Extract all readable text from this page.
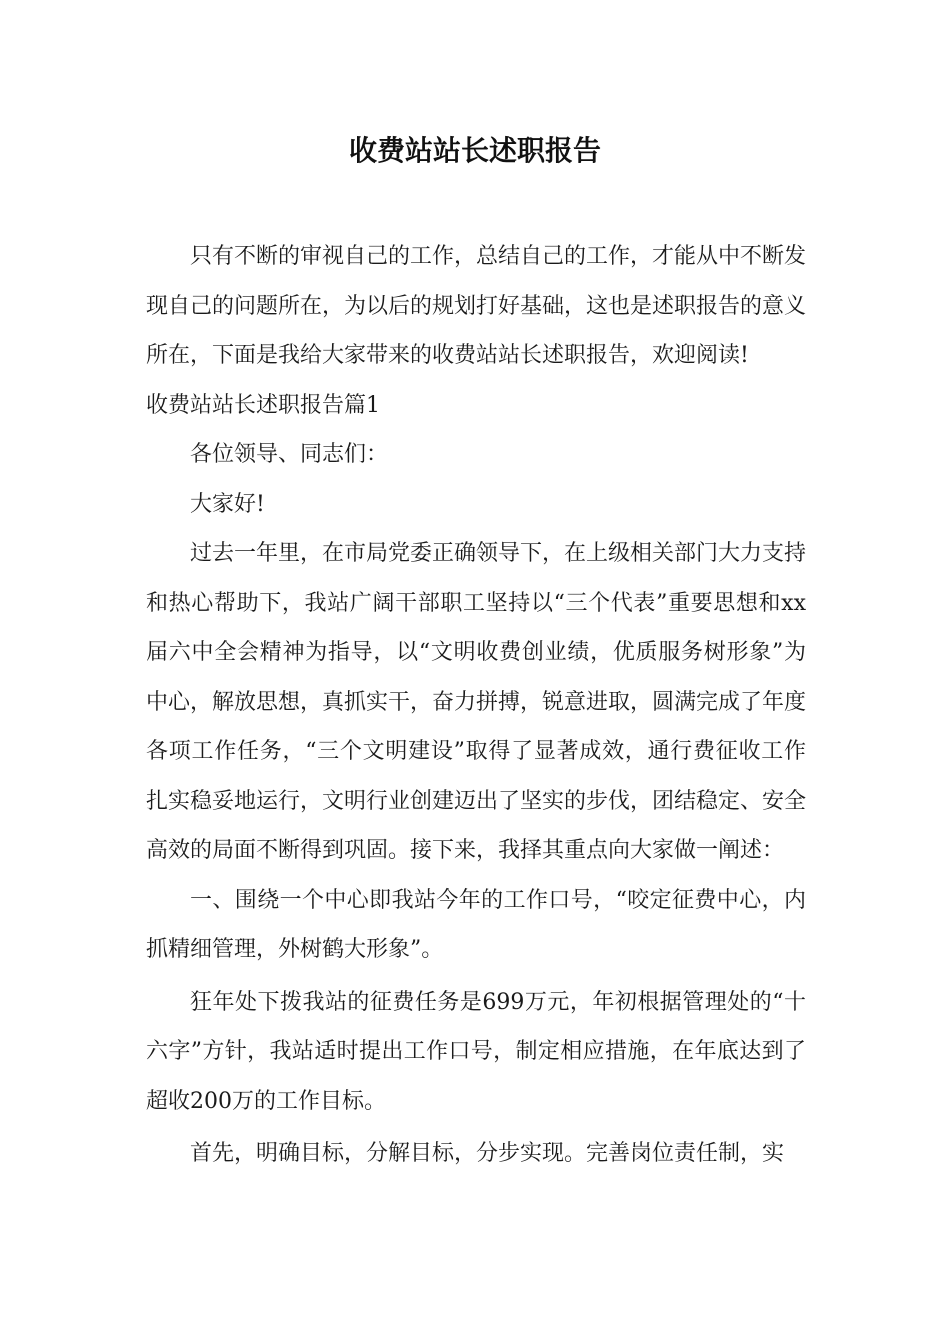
收费站站长述职报告

只有不断的审视自己的工作，总结自己的工作，才能从中不断发现自己的问题所在，为以后的规划打好基础，这也是述职报告的意义所在，下面是我给大家带来的收费站站长述职报告，欢迎阅读!

收费站站长述职报告篇1

各位领导、同志们：

大家好!

过去一年里，在市局党委正确领导下，在上级相关部门大力支持和热心帮助下，我站广阔干部职工坚持以“三个代表”重要思想和xx届六中全会精神为指导，以“文明收费创业绩，优质服务树形象”为中心，解放思想，真抓实干，奋力拼搏，锐意进取，圆满完成了年度各项工作任务，“三个文明建设”取得了显著成效，通行费征收工作扎实稳妥地运行，文明行业创建迈出了坚实的步伐，团结稳定、安全高效的局面不断得到巩固。接下来，我择其重点向大家做一阐述：

一、围绕一个中心即我站今年的工作口号，“咬定征费中心，内抓精细管理，外树鹤大形象”。

狂年处下拨我站的征费任务是699万元，年初根据管理处的“十六字”方针，我站适时提出工作口号，制定相应措施，在年底达到了超收200万的工作目标。

首先，明确目标，分解目标，分步实现。完善岗位责任制，实
